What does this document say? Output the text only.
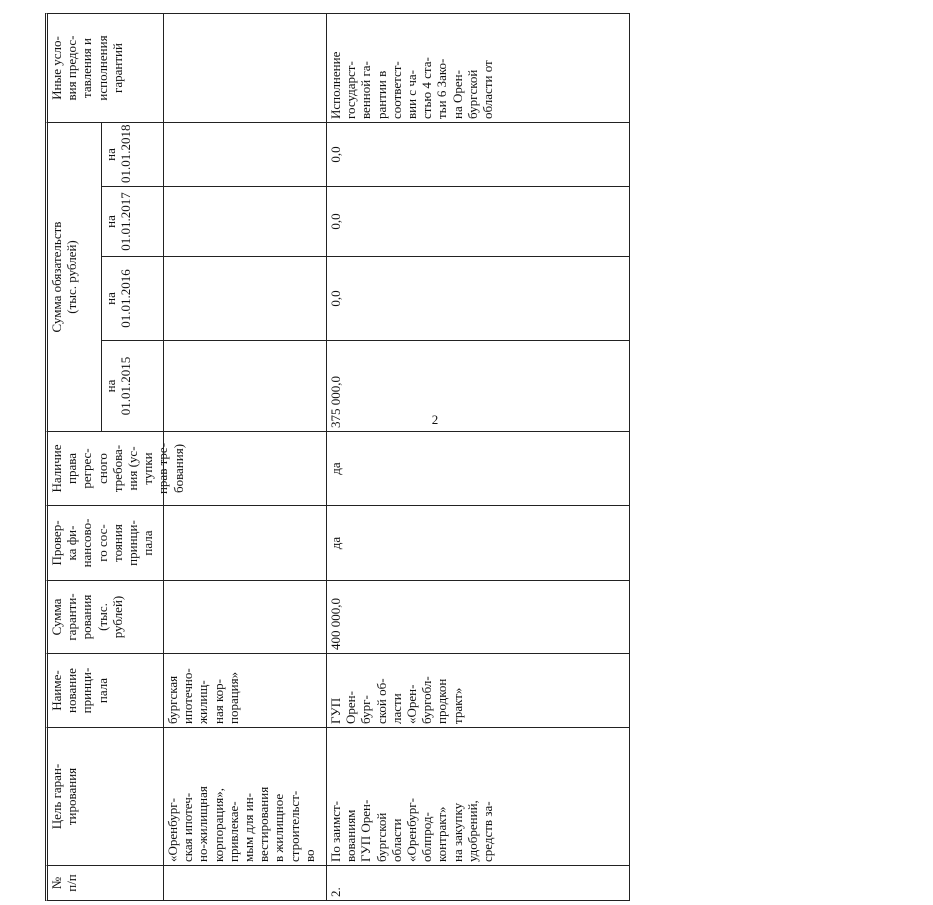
2
№
п/п
Цель гаран-
тирования
Наиме-
нование
принци-
пала
Сумма
гаранти-
рования
(тыс.
рублей)
Провер-
ка фи-
нансово-
го сос-
тояния
принци-
пала
Наличие
права
регрес-
сного
требова-
ния (ус-
тупки
прав тре-
бования)
Сумма обязательств
(тыс. рублей)
на
01.01.2015
на
01.01.2016
на
01.01.2017
на
01.01.2018
Иные усло-
вия предос-
тавления и
исполнения
гарантий
«Оренбург-
ская ипотеч-
но-жилищная
корпорация»,
привлекае-
мым для ин-
вестирования
в жилищное
строительст-
во
бургская
ипотечно-
жилищ-
ная кор-
порация»
2.
По заимст-
вованиям
ГУП Орен-
бургской
области
«Оренбург-
облпрод-
контракт»
на закупку
удобрений,
средств за-
ГУП
Орен-
бург-
ской об-
ласти
«Орен-
бургобл-
продкон
тракт»
400 000,0
да
да
375 000,0
0,0
0,0
0,0
Исполнение
государст-
венной га-
рантии в
соответст-
вии с ча-
стью 4 ста-
тьи 6 Зако-
на Орен-
бургской
области от
